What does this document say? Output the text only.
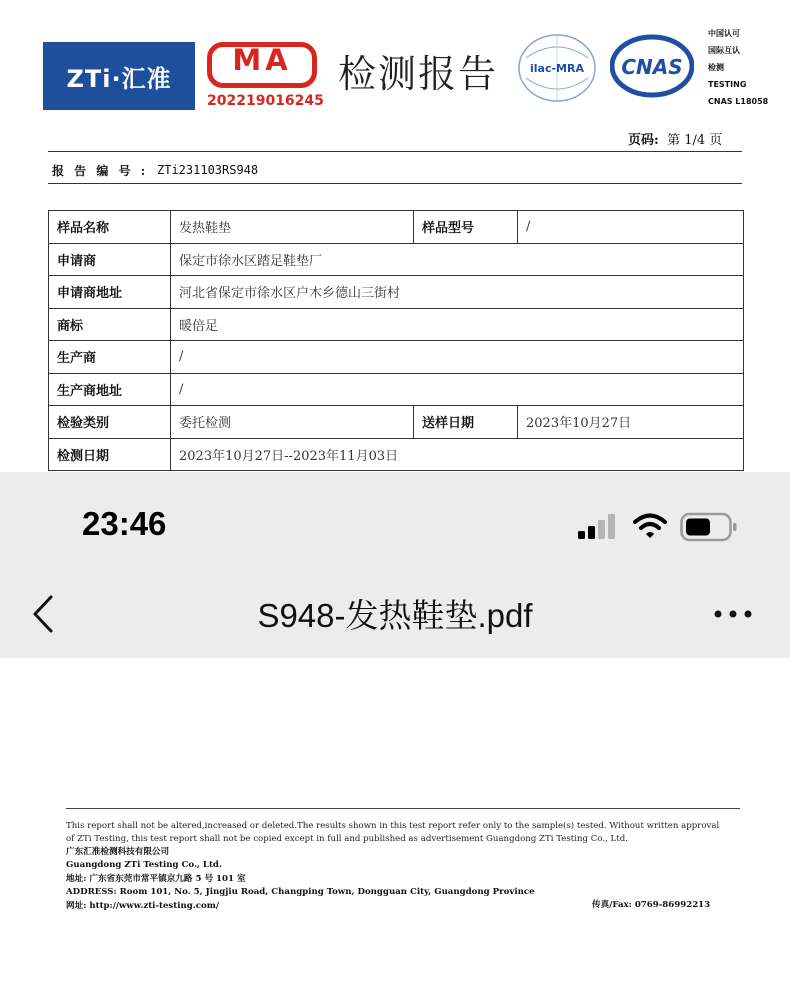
ZTi·汇准
MA
202219016245
检测报告	ilac-MRA CNAS
中国认可
国际互认
检测
TESTING
CNAS L18058
页码: 第 1/4 页
报 告 编 号 : ZTi231103RS948
样品名称	发热鞋垫	样品型号	/
申请商	保定市徐水区踏足鞋垫厂		
申请商地址	河北省保定市徐水区户木乡德山三街村		
商标	暖倍足		
生产商	/		
生产商地址	/		
检验类别	委托检测	送样日期	2023年10月27日
检测日期	2023年10月27日--2023年11月03日		
23:46
S948-发热鞋垫.pdf
This report shall not be altered,increased or deleted.The results shown in this test report refer only to the sample(s) tested. Without written approval of ZTi Testing, this test report shall not be copied except in full and published as advertisement Guangdong ZTi Testing Co., Ltd.
广东汇准检测科技有限公司
Guangdong ZTi Testing Co., Ltd.
地址: 广东省东莞市常平镇京九路 5 号 101 室
ADDRESS: Room 101, No. 5, Jingjiu Road, Changping Town, Dongguan City, Guangdong Province
网址: http://www.zti-testing.com/	传真/Fax: 0769-86992213
